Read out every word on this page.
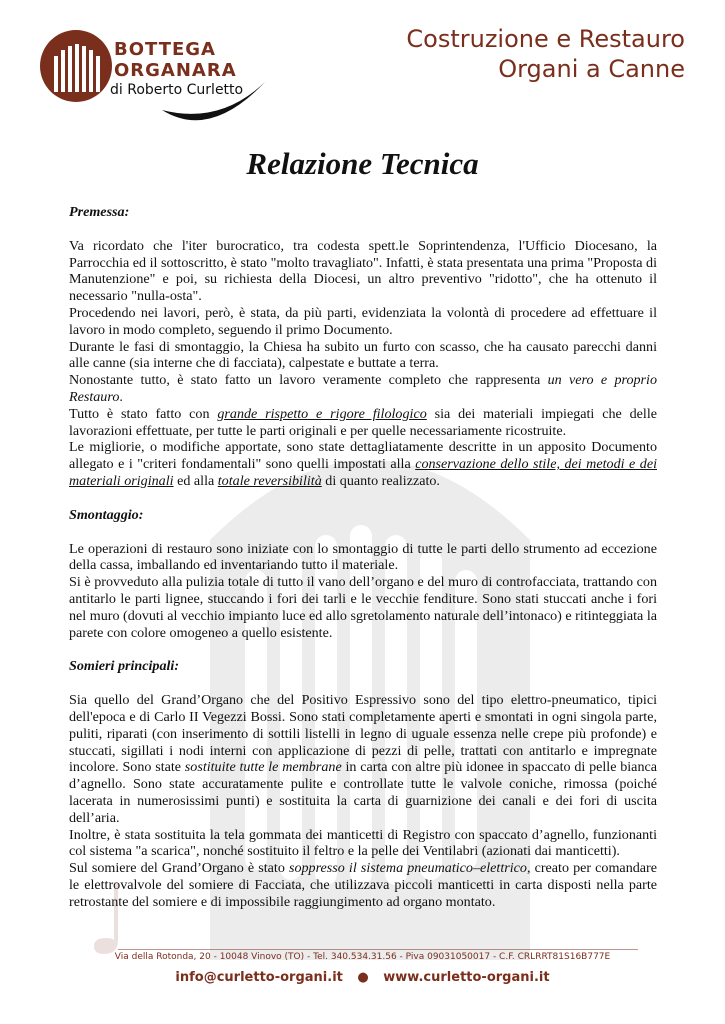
BOTTEGA
ORGANARA
di Roberto Curletto
Costruzione e Restauro
Organi a Canne
Relazione Tecnica

Premessa:

Va ricordato che l'iter burocratico, tra codesta spett.le Soprintendenza, l'Ufficio Diocesano, la Parrocchia ed il sottoscritto, è stato "molto travagliato". Infatti, è stata presentata una prima "Proposta di Manutenzione" e poi, su richiesta della Diocesi, un altro preventivo "ridotto", che ha ottenuto il necessario "nulla-osta".

Procedendo nei lavori, però, è stata, da più parti, evidenziata la volontà di procedere ad effettuare il lavoro in modo completo, seguendo il primo Documento.

Durante le fasi di smontaggio, la Chiesa ha subito un furto con scasso, che ha causato parecchi danni alle canne (sia interne che di facciata), calpestate e buttate a terra.

Nonostante tutto, è stato fatto un lavoro veramente completo che rappresenta un vero e proprio Restauro.

Tutto è stato fatto con grande rispetto e rigore filologico sia dei materiali impiegati che delle lavorazioni effettuate, per tutte le parti originali e per quelle necessariamente ricostruite.

Le migliorie, o modifiche apportate, sono state dettagliatamente descritte in un apposito Documento allegato e i "criteri fondamentali" sono quelli impostati alla conservazione dello stile, dei metodi e dei materiali originali ed alla totale reversibilità di quanto realizzato.

Smontaggio:

Le operazioni di restauro sono iniziate con lo smontaggio di tutte le parti dello strumento ad eccezione della cassa, imballando ed inventariando tutto il materiale.

Si è provveduto alla pulizia totale di tutto il vano dell’organo e del muro di controfacciata, trattando con antitarlo le parti lignee, stuccando i fori dei tarli e le vecchie fenditure. Sono stati stuccati anche i fori nel muro (dovuti al vecchio impianto luce ed allo sgretolamento naturale dell’intonaco) e ritinteggiata la parete con colore omogeneo a quello esistente.

Somieri principali:

Sia quello del Grand’Organo che del Positivo Espressivo sono del tipo elettro-pneumatico, tipici dell'epoca e di Carlo II Vegezzi Bossi. Sono stati completamente aperti e smontati in ogni singola parte, puliti, riparati (con inserimento di sottili listelli in legno di uguale essenza nelle crepe più profonde) e stuccati, sigillati i nodi interni con applicazione di pezzi di pelle, trattati con antitarlo e impregnate incolore. Sono state sostituite tutte le membrane in carta con altre più idonee in spaccato di pelle bianca d’agnello. Sono state accuratamente pulite e controllate tutte le valvole coniche, rimossa (poiché lacerata in numerosissimi punti) e sostituita la carta di guarnizione dei canali e dei fori di uscita dell’aria.

Inoltre, è stata sostituita la tela gommata dei manticetti di Registro con spaccato d’agnello, funzionanti col sistema "a scarica", nonché sostituito il feltro e la pelle dei Ventilabri (azionati dai manticetti).

Sul somiere del Grand’Organo è stato soppresso il sistema pneumatico–elettrico, creato per comandare le elettrovalvole del somiere di Facciata, che utilizzava piccoli manticetti in carta disposti nella parte retrostante del somiere e di impossibile raggiungimento ad organo montato.

Via della Rotonda, 20 - 10048 Vinovo (TO) - Tel. 340.534.31.56 - Piva 09031050017 - C.F. CRLRRT81S16B777E
info@curletto-organi.it ● www.curletto-organi.it
